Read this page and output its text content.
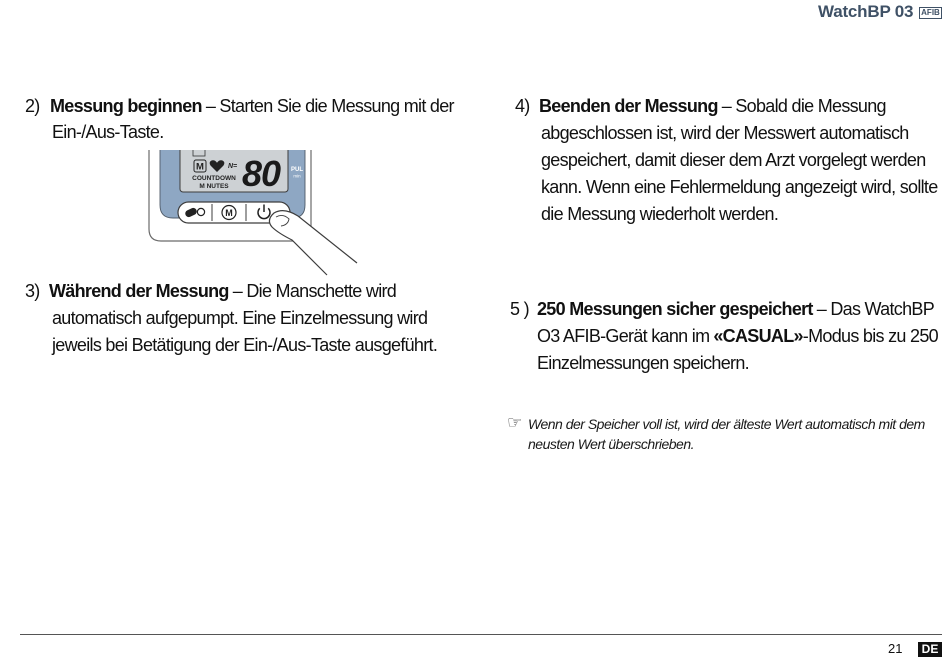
WatchBP 03 AFIB
2) Messung beginnen – Starten Sie die Messung mit der
Ein-/Aus-Taste.
M	N= 80
COUNTDOWN
M NUTES
PUL
min
M
3) Während der Messung – Die Manschette wird
automatisch aufgepumpt. Eine Einzelmessung wird
jeweils bei Betätigung der Ein-/Aus-Taste ausgeführt.
4) Beenden der Messung – Sobald die Messung
abgeschlossen ist, wird der Messwert automatisch
gespeichert, damit dieser dem Arzt vorgelegt werden
kann. Wenn eine Fehlermeldung angezeigt wird, sollte
die Messung wiederholt werden.
5 ) 250 Messungen sicher gespeichert – Das WatchBP
O3 AFIB-Gerät kann im «CASUAL»-Modus bis zu 250
Einzelmessungen speichern.
☞
Wenn der Speicher voll ist, wird der älteste Wert automatisch mit dem
neusten Wert überschrieben.
21	DE
